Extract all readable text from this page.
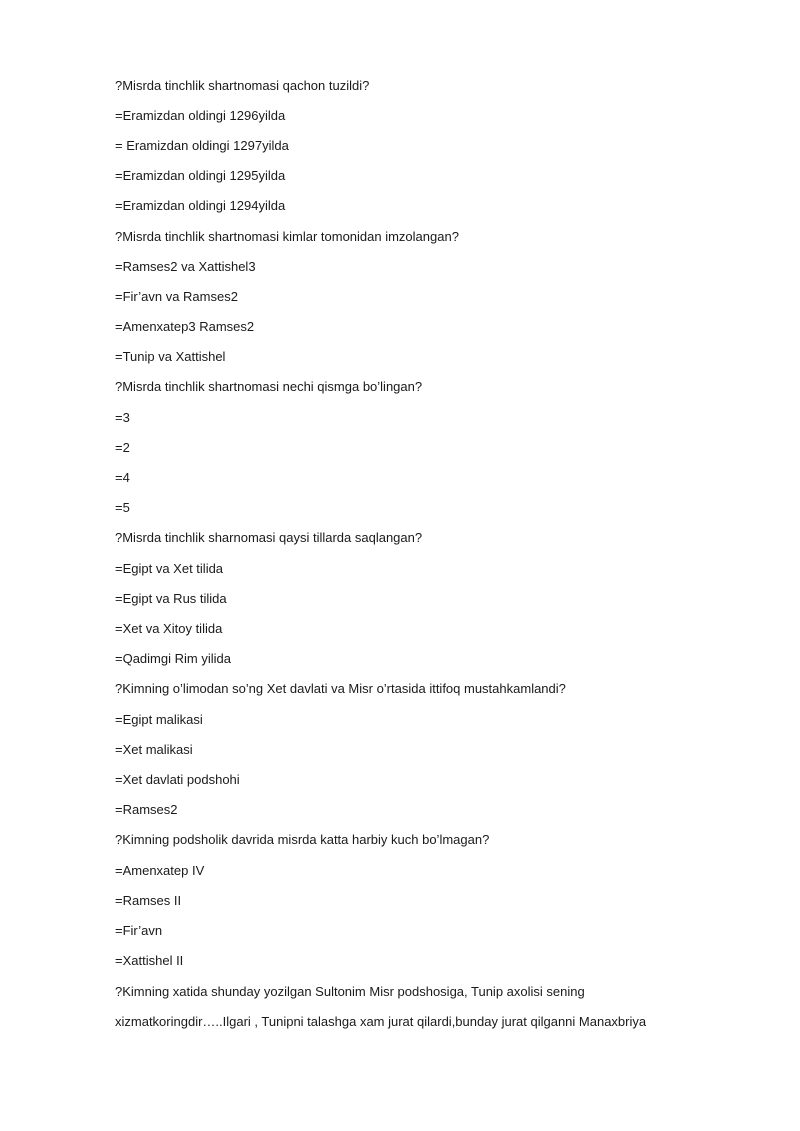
?Misrda tinchlik shartnomasi qachon tuzildi?
=Eramizdan oldingi 1296yilda
= Eramizdan oldingi 1297yilda
=Eramizdan oldingi 1295yilda
=Eramizdan oldingi 1294yilda
?Misrda tinchlik shartnomasi kimlar tomonidan imzolangan?
=Ramses2 va Xattishel3
=Fir’avn va Ramses2
=Amenxatep3 Ramses2
=Tunip va Xattishel
?Misrda tinchlik shartnomasi nechi qismga bo’lingan?
=3
=2
=4
=5
?Misrda tinchlik sharnomasi qaysi tillarda saqlangan?
=Egipt va Xet tilida
=Egipt va Rus tilida
=Xet va Xitoy tilida
=Qadimgi Rim yilida
?Kimning o’limodan so’ng Xet davlati va Misr o’rtasida ittifoq mustahkamlandi?
=Egipt malikasi
=Xet malikasi
=Xet davlati podshohi
=Ramses2
?Kimning podsholik davrida misrda katta harbiy kuch bo’lmagan?
=Amenxatep IV
=Ramses II
=Fir’avn
=Xattishel II
?Kimning xatida shunday yozilgan Sultonim Misr podshosiga, Tunip axolisi sening
xizmatkoringdir…..Ilgari , Tunipni talashga xam jurat qilardi,bunday jurat qilganni Manaxbriya
